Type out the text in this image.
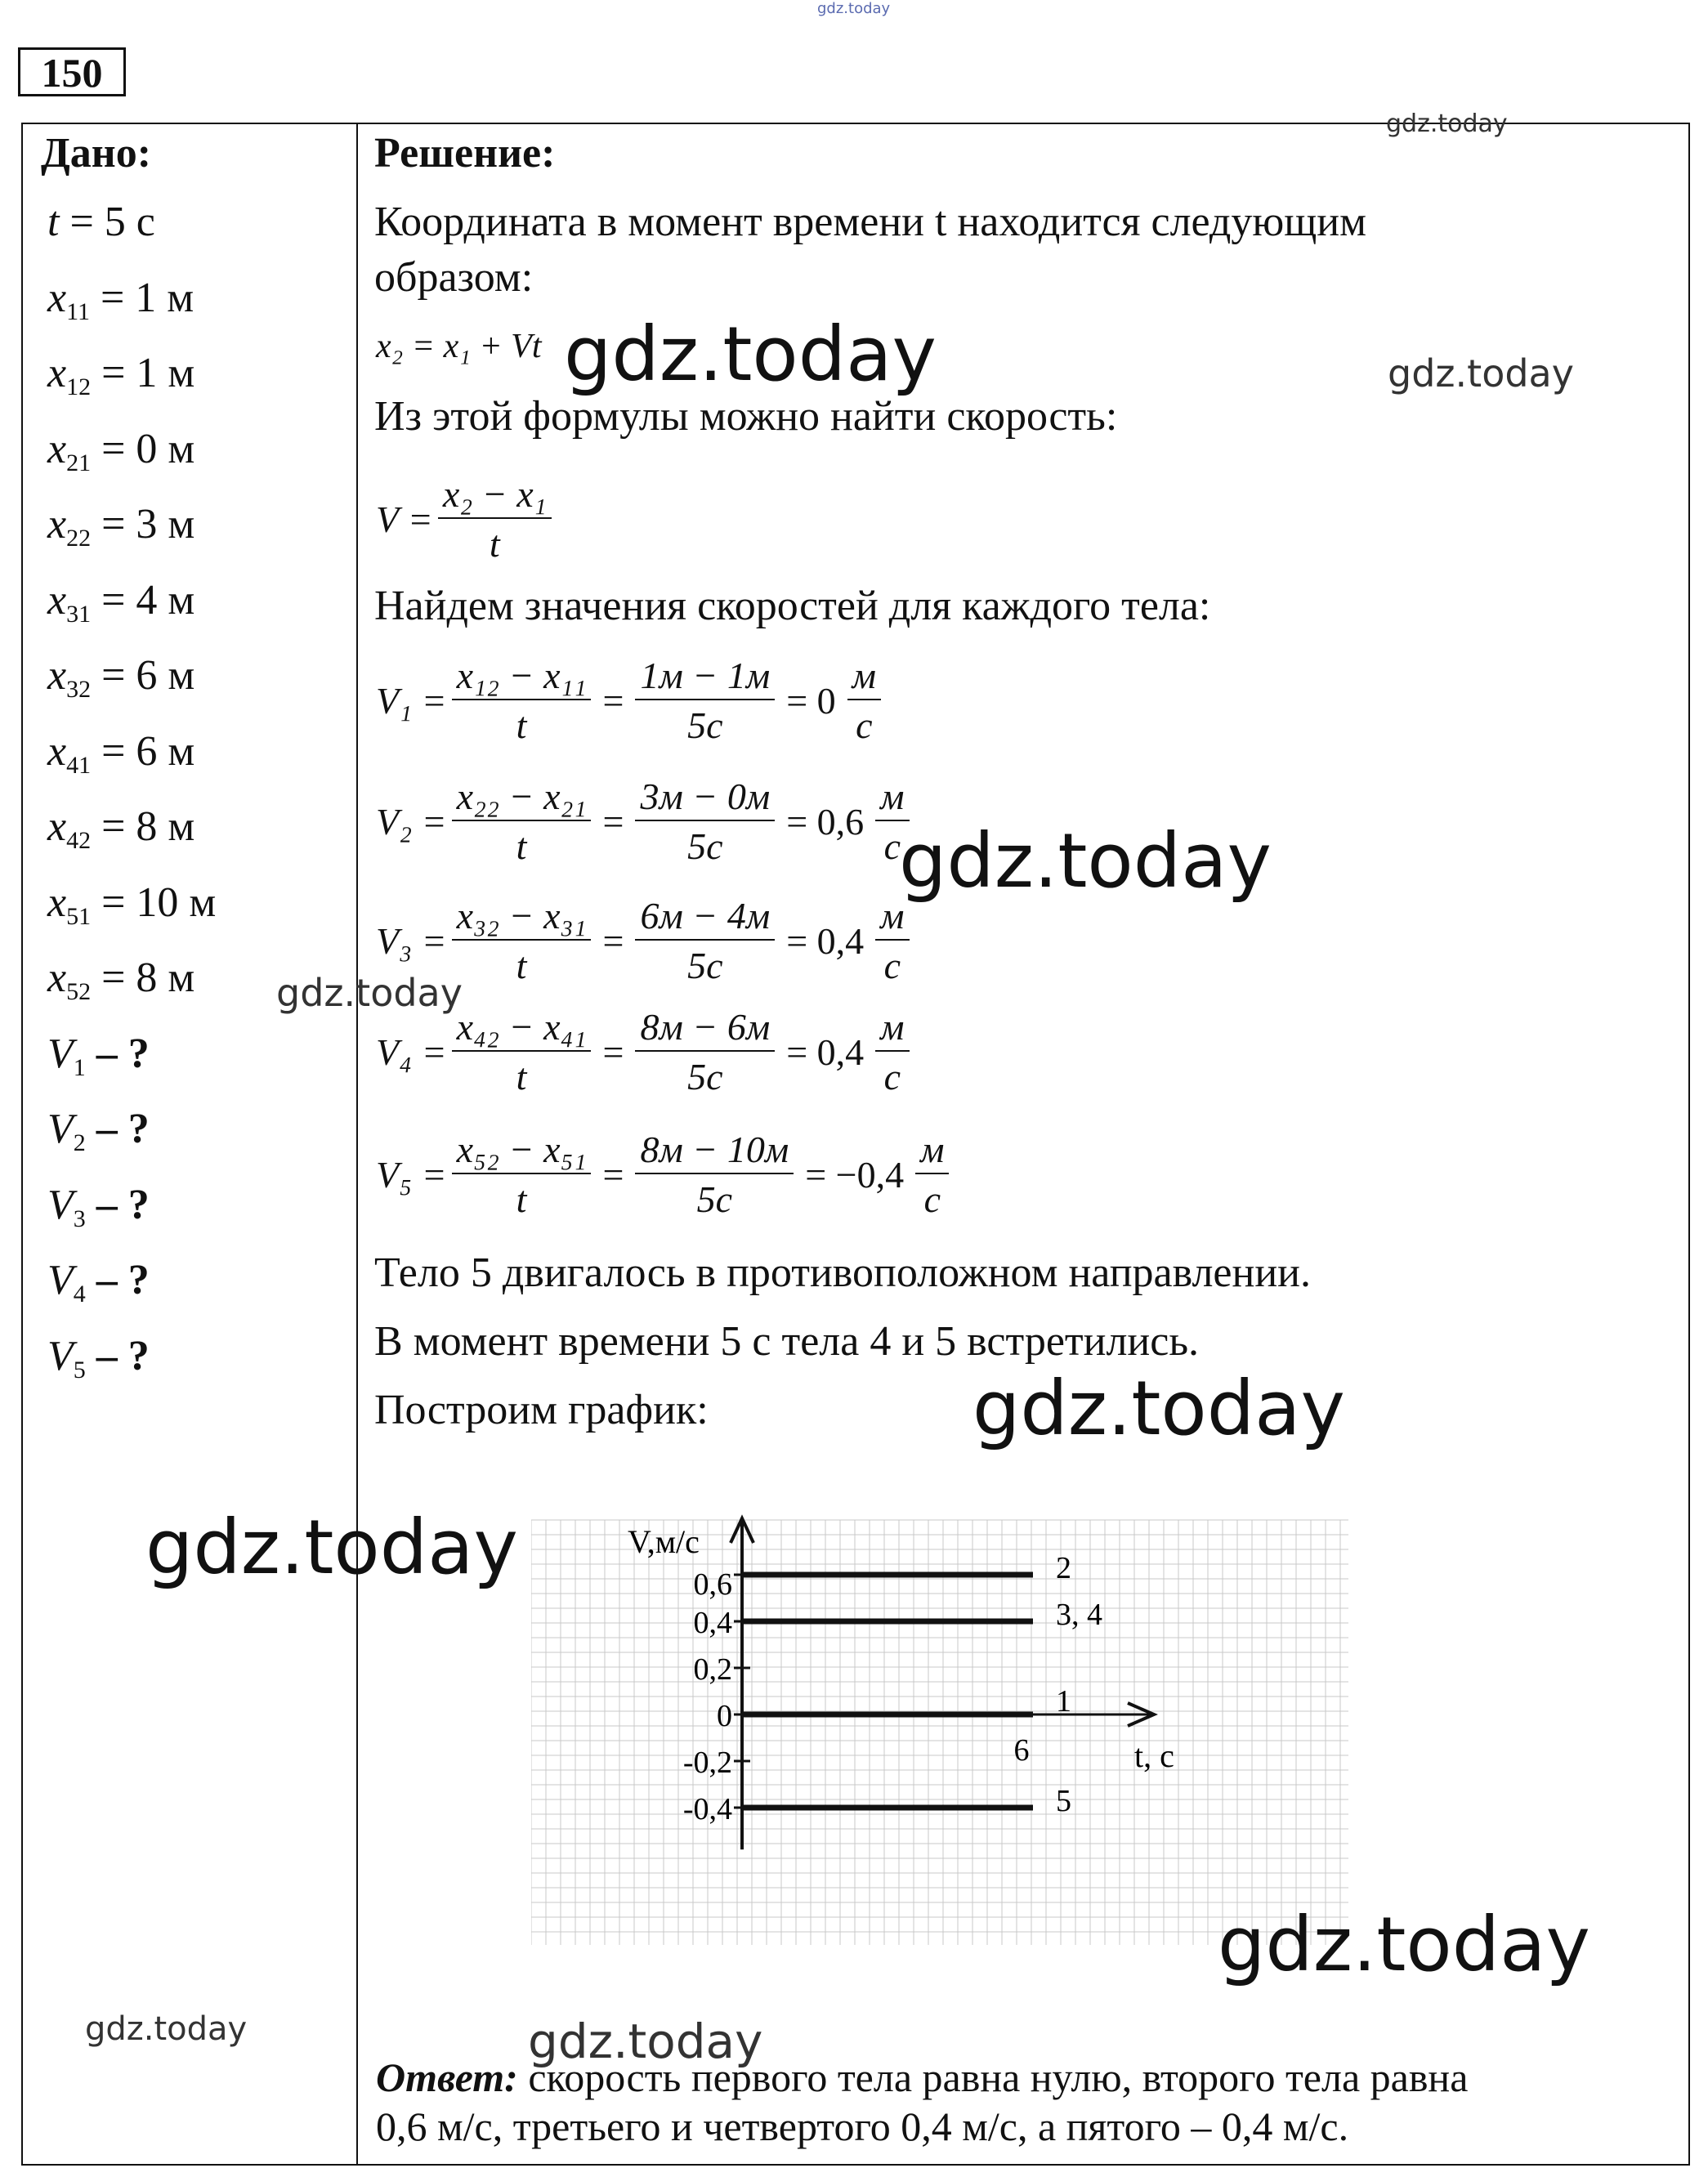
150
Дано:
t = 5 с
$x_{11} = 1$ м
$x_{12} = 1$ м
$x_{21} = 0$ м
$x_{22} = 3$ м
$x_{31} = 4$ м
$x_{32} = 6$ м
$x_{41} = 6$ м
$x_{42} = 8$ м
$x_{51} = 10$ м
$x_{52} = 8$ м
$V_1$ – ?
$V_2$ – ?
$V_3$ – ?
$V_4$ – ?
$V_5$ – ?
Решение:
Координата в момент времени t находится следующим
образом:
x₂ = x₁ + Vt
Из этой формулы можно найти скорость:
$V = \frac{\text{x₂ − x₁}}{t}$
Найдем значения скоростей для каждого тела:
$V_1 = \frac{\text{x₁₂ − x₁₁}}{t} = \frac{1м - 1м}{5с} = 0 \frac{м}{с}$
$V_2 = \frac{\text{x₂₂ − x₂₁}}{t} = \frac{3м - 0м}{5с} = 0,6 \frac{м}{с}$
$V_3 = \frac{\text{x₃₂ − x₃₁}}{t} = \frac{6м - 4м}{5с} = 0,4 \frac{м}{с}$
$V_4 = \frac{\text{x₄₂ − x₄₁}}{t} = \frac{8м - 6м}{5с} = 0,4 \frac{м}{с}$
$V_5 = \frac{\text{x₅₂ − x₅₁}}{t} = \frac{8м - 10м}{5с} = -0,4 \frac{м}{с}$
Тело 5 двигалось в противоположном направлении.
В момент времени 5 с тела 4 и 5 встретились.
Построим график:
V,м/с
t, с
0,6
0,4
0,2
0
-0,2
-0,4
6
2
3, 4
1
5
Ответ: скорость первого тела равна нулю, второго тела равна
0,6 м/с, третьего и четвертого 0,4 м/с, а пятого – 0,4 м/с.
gdz.today
gdz.today
gdz.today	gdz.today
gdz.today
gdz.today
gdz.today
gdz.today
gdz.today
gdz.today	gdz.today
